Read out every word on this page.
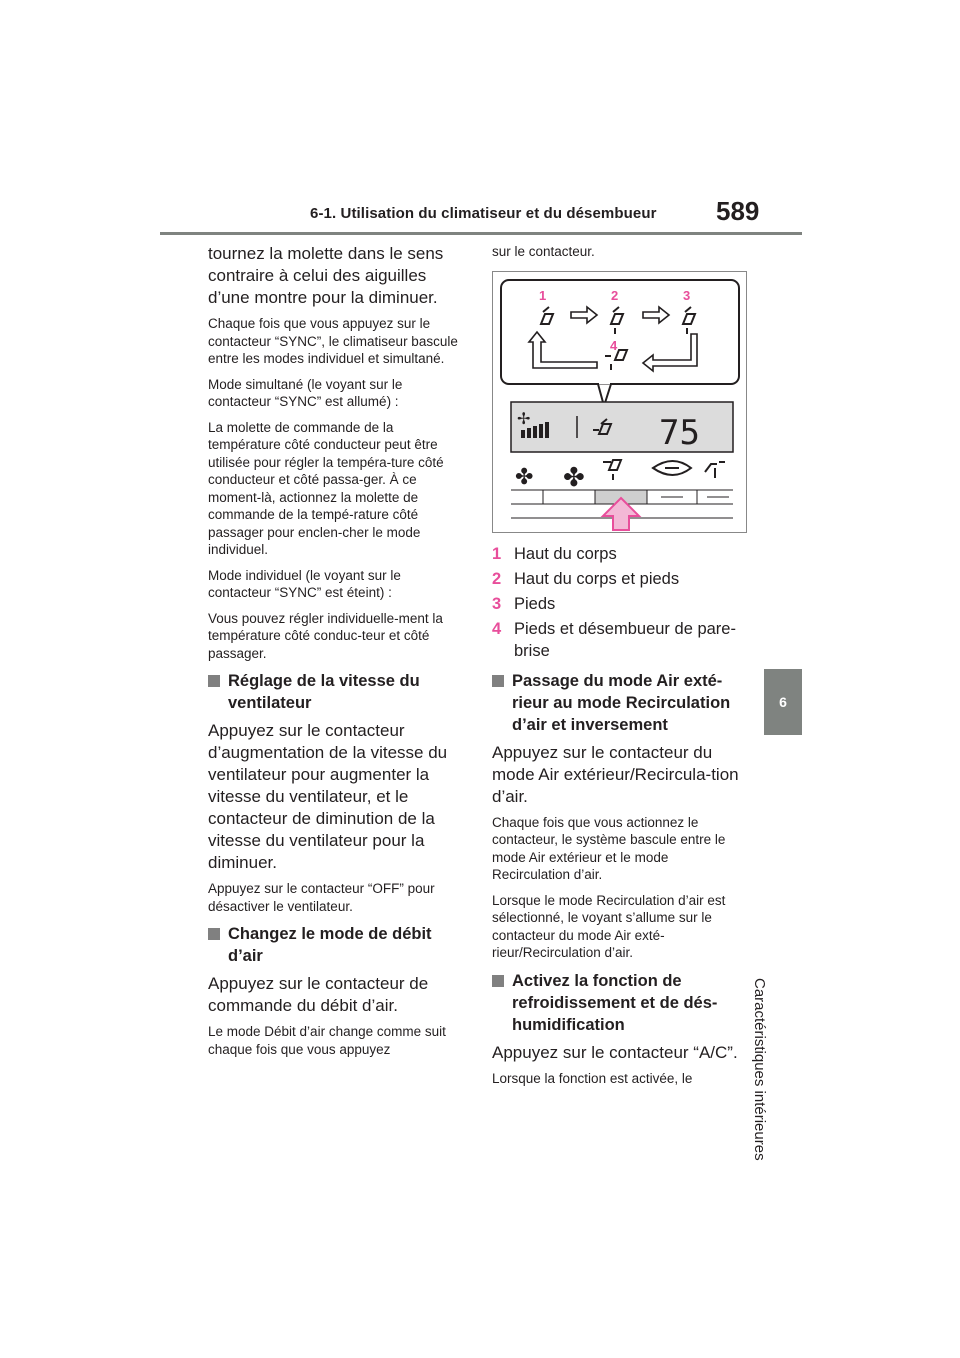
6-1. Utilisation du climatiseur et du désembueur 589
6
Caractéristiques intérieures

tournez la molette dans le sens contraire à celui des aiguilles d’une montre pour la diminuer.

Chaque fois que vous appuyez sur le contacteur “SYNC”, le climatiseur bascule entre les modes individuel et simultané.

Mode simultané (le voyant sur le contacteur “SYNC” est allumé) :

La molette de commande de la température côté conducteur peut être utilisée pour régler la tempéra-ture côté conducteur et côté passa-ger. À ce moment-là, actionnez la molette de commande de la tempé-rature côté passager pour enclen-cher le mode individuel.

Mode individuel (le voyant sur le contacteur “SYNC” est éteint) :

Vous pouvez régler individuelle-ment la température côté conduc-teur et côté passager.

Réglage de la vitesse du ventilateur

Appuyez sur le contacteur d’augmentation de la vitesse du ventilateur pour augmenter la vitesse du ventilateur, et le contacteur de diminution de la vitesse du ventilateur pour la diminuer.

Appuyez sur le contacteur “OFF” pour désactiver le ventilateur.

Changez le mode de débit d’air

Appuyez sur le contacteur de commande du débit d’air.

Le mode Débit d’air change comme suit chaque fois que vous appuyez

sur le contacteur.

1	2	3
4
✢	75
✤ ✤
1 Haut du corps
2 Haut du corps et pieds
3 Pieds
4 Pieds et désembueur de pare-brise
Passage du mode Air exté-rieur au mode Recirculation d’air et inversement

Appuyez sur le contacteur du mode Air extérieur/Recircula-tion d’air.

Chaque fois que vous actionnez le contacteur, le système bascule entre le mode Air extérieur et le mode Recirculation d’air.

Lorsque le mode Recirculation d’air est sélectionné, le voyant s’allume sur le contacteur du mode Air exté-rieur/Recirculation d’air.

Activez la fonction de refroidissement et de dés-humidification

Appuyez sur le contacteur “A/C”.

Lorsque la fonction est activée, le
